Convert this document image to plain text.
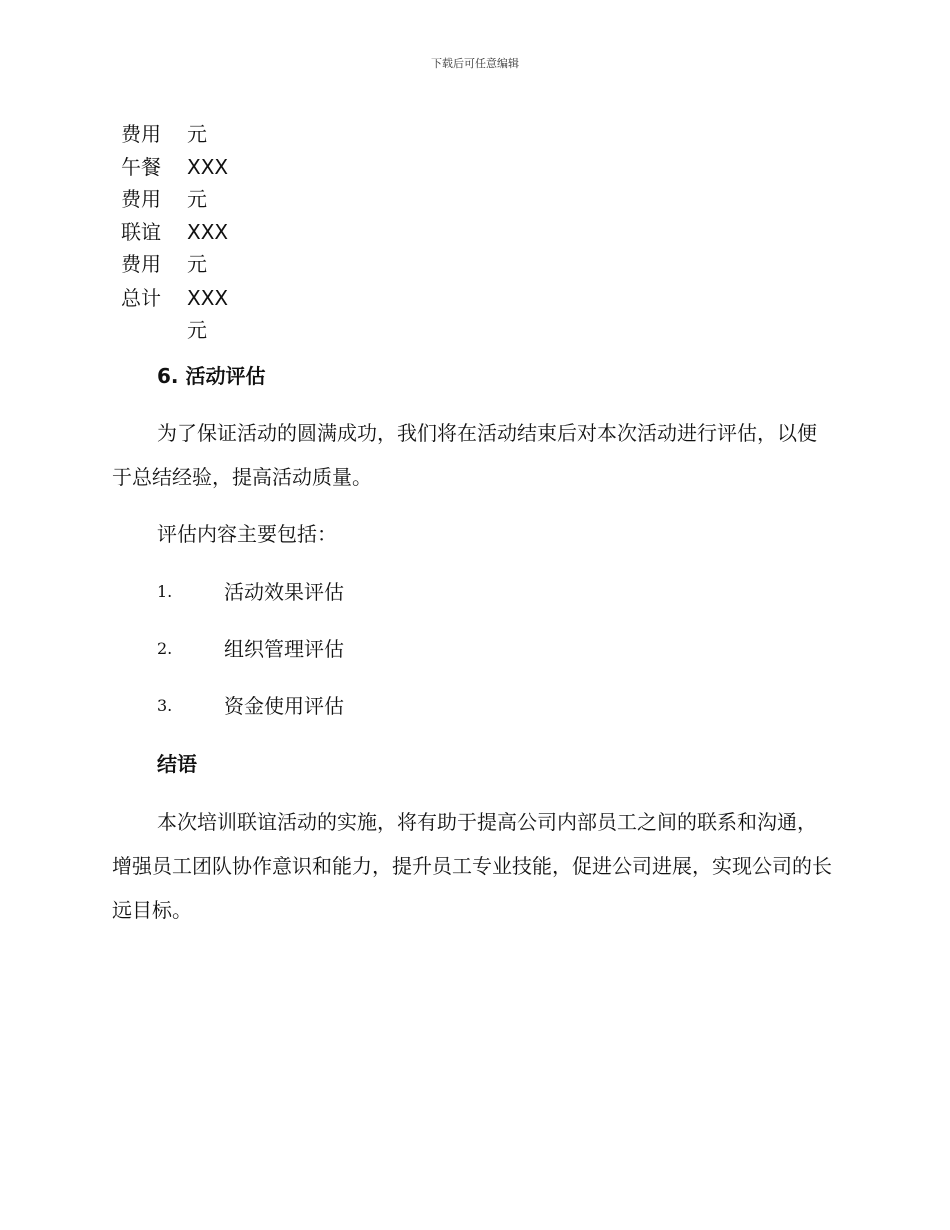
下载后可任意编辑
费用	元
午餐	XXX
费用	元
联谊	XXX
费用	元
总计	XXX
元
6. 活动评估

为了保证活动的圆满成功，我们将在活动结束后对本次活动进行评估，以便于总结经验，提高活动质量。

评估内容主要包括：

1.	活动效果评估
2.	组织管理评估
3.	资金使用评估
结语

本次培训联谊活动的实施，将有助于提高公司内部员工之间的联系和沟通，增强员工团队协作意识和能力，提升员工专业技能，促进公司进展，实现公司的长远目标。
